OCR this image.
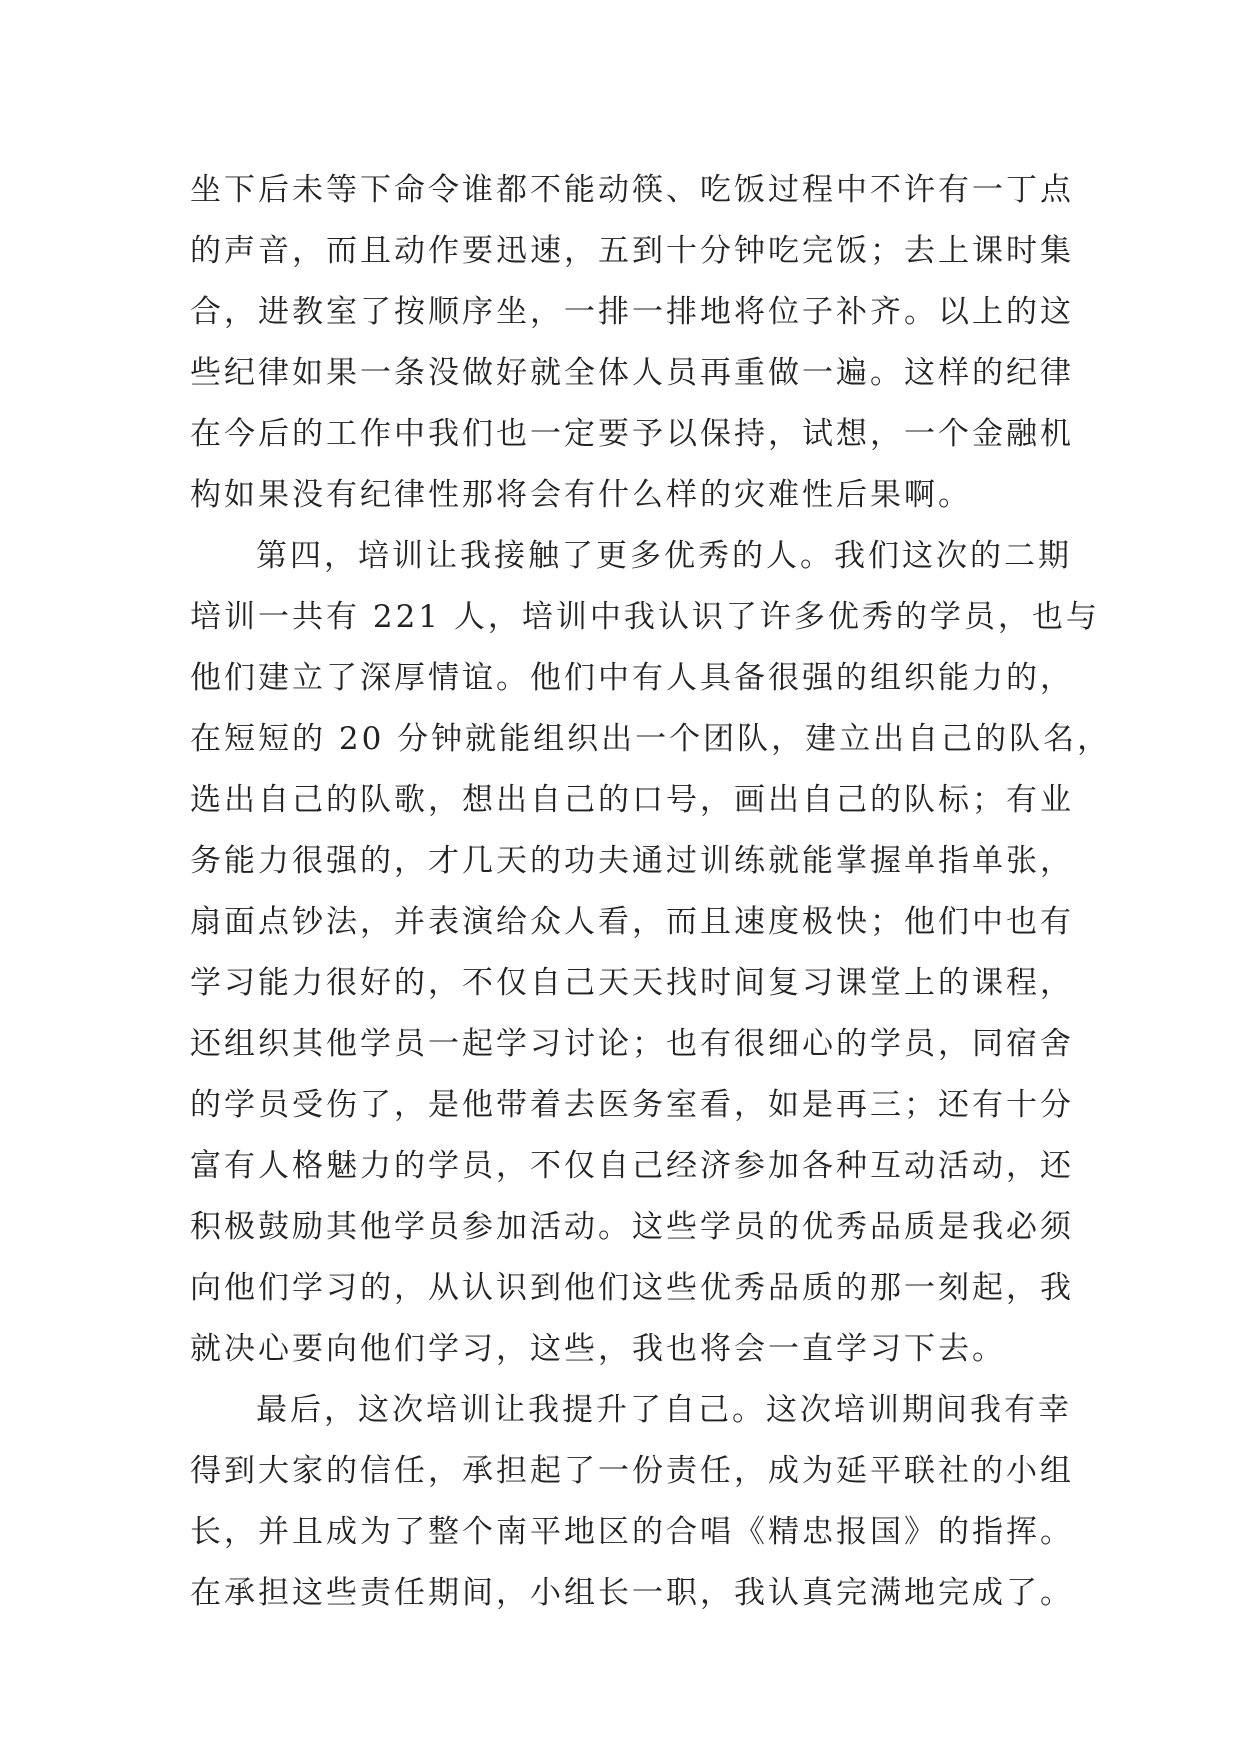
坐下后未等下命令谁都不能动筷、吃饭过程中不许有一丁点
的声音，而且动作要迅速，五到十分钟吃完饭；去上课时集
合，进教室了按顺序坐，一排一排地将位子补齐。以上的这
些纪律如果一条没做好就全体人员再重做一遍。这样的纪律
在今后的工作中我们也一定要予以保持，试想，一个金融机
构如果没有纪律性那将会有什么样的灾难性后果啊。
第四，培训让我接触了更多优秀的人。我们这次的二期
培训一共有 221 人，培训中我认识了许多优秀的学员，也与
他们建立了深厚情谊。他们中有人具备很强的组织能力的，
在短短的 20 分钟就能组织出一个团队，建立出自己的队名，
选出自己的队歌，想出自己的口号，画出自己的队标；有业
务能力很强的，才几天的功夫通过训练就能掌握单指单张，
扇面点钞法，并表演给众人看，而且速度极快；他们中也有
学习能力很好的，不仅自己天天找时间复习课堂上的课程，
还组织其他学员一起学习讨论；也有很细心的学员，同宿舍
的学员受伤了，是他带着去医务室看，如是再三；还有十分
富有人格魅力的学员，不仅自己经济参加各种互动活动，还
积极鼓励其他学员参加活动。这些学员的优秀品质是我必须
向他们学习的，从认识到他们这些优秀品质的那一刻起，我
就决心要向他们学习，这些，我也将会一直学习下去。
最后，这次培训让我提升了自己。这次培训期间我有幸
得到大家的信任，承担起了一份责任，成为延平联社的小组
长，并且成为了整个南平地区的合唱《精忠报国》的指挥。
在承担这些责任期间，小组长一职，我认真完满地完成了。
